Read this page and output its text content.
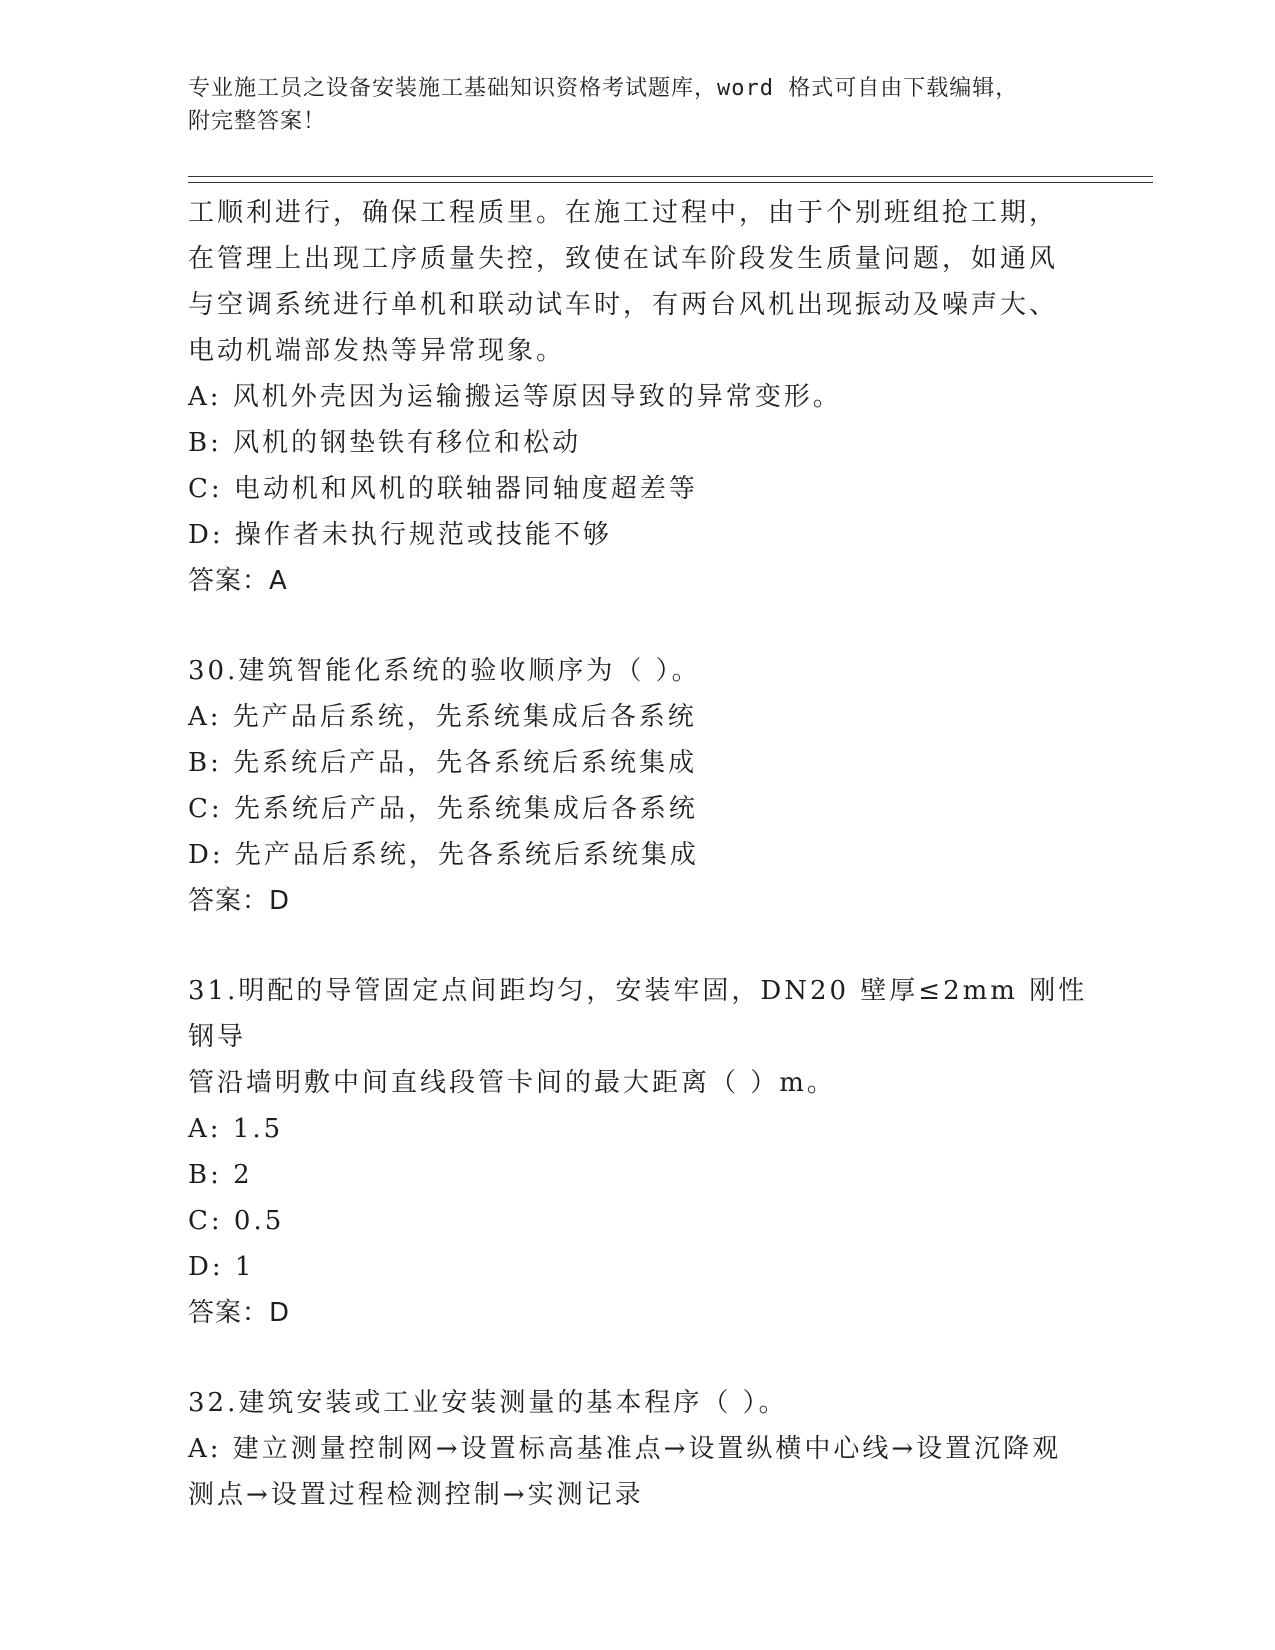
专业施工员之设备安装施工基础知识资格考试题库，word 格式可自由下载编辑，
附完整答案！

工顺利进行，确保工程质里。在施工过程中，由于个别班组抢工期，

在管理上出现工序质量失控，致使在试车阶段发生质量问题，如通风

与空调系统进行单机和联动试车时，有两台风机出现振动及噪声大、

电动机端部发热等异常现象。

A: 风机外壳因为运输搬运等原因导致的异常变形。

B: 风机的钢垫铁有移位和松动

C: 电动机和风机的联轴器同轴度超差等

D: 操作者未执行规范或技能不够

答案：A

30.建筑智能化系统的验收顺序为（ ）。

A: 先产品后系统，先系统集成后各系统

B: 先系统后产品，先各系统后系统集成

C: 先系统后产品，先系统集成后各系统

D: 先产品后系统，先各系统后系统集成

答案：D

31.明配的导管固定点间距均匀，安装牢固，DN20 壁厚≤2mm 刚性钢导

管沿墙明敷中间直线段管卡间的最大距离（ ）m。

A: 1.5

B: 2

C: 0.5

D: 1

答案：D

32.建筑安装或工业安装测量的基本程序（ ）。

A: 建立测量控制网→设置标高基准点→设置纵横中心线→设置沉降观

测点→设置过程检测控制→实测记录
